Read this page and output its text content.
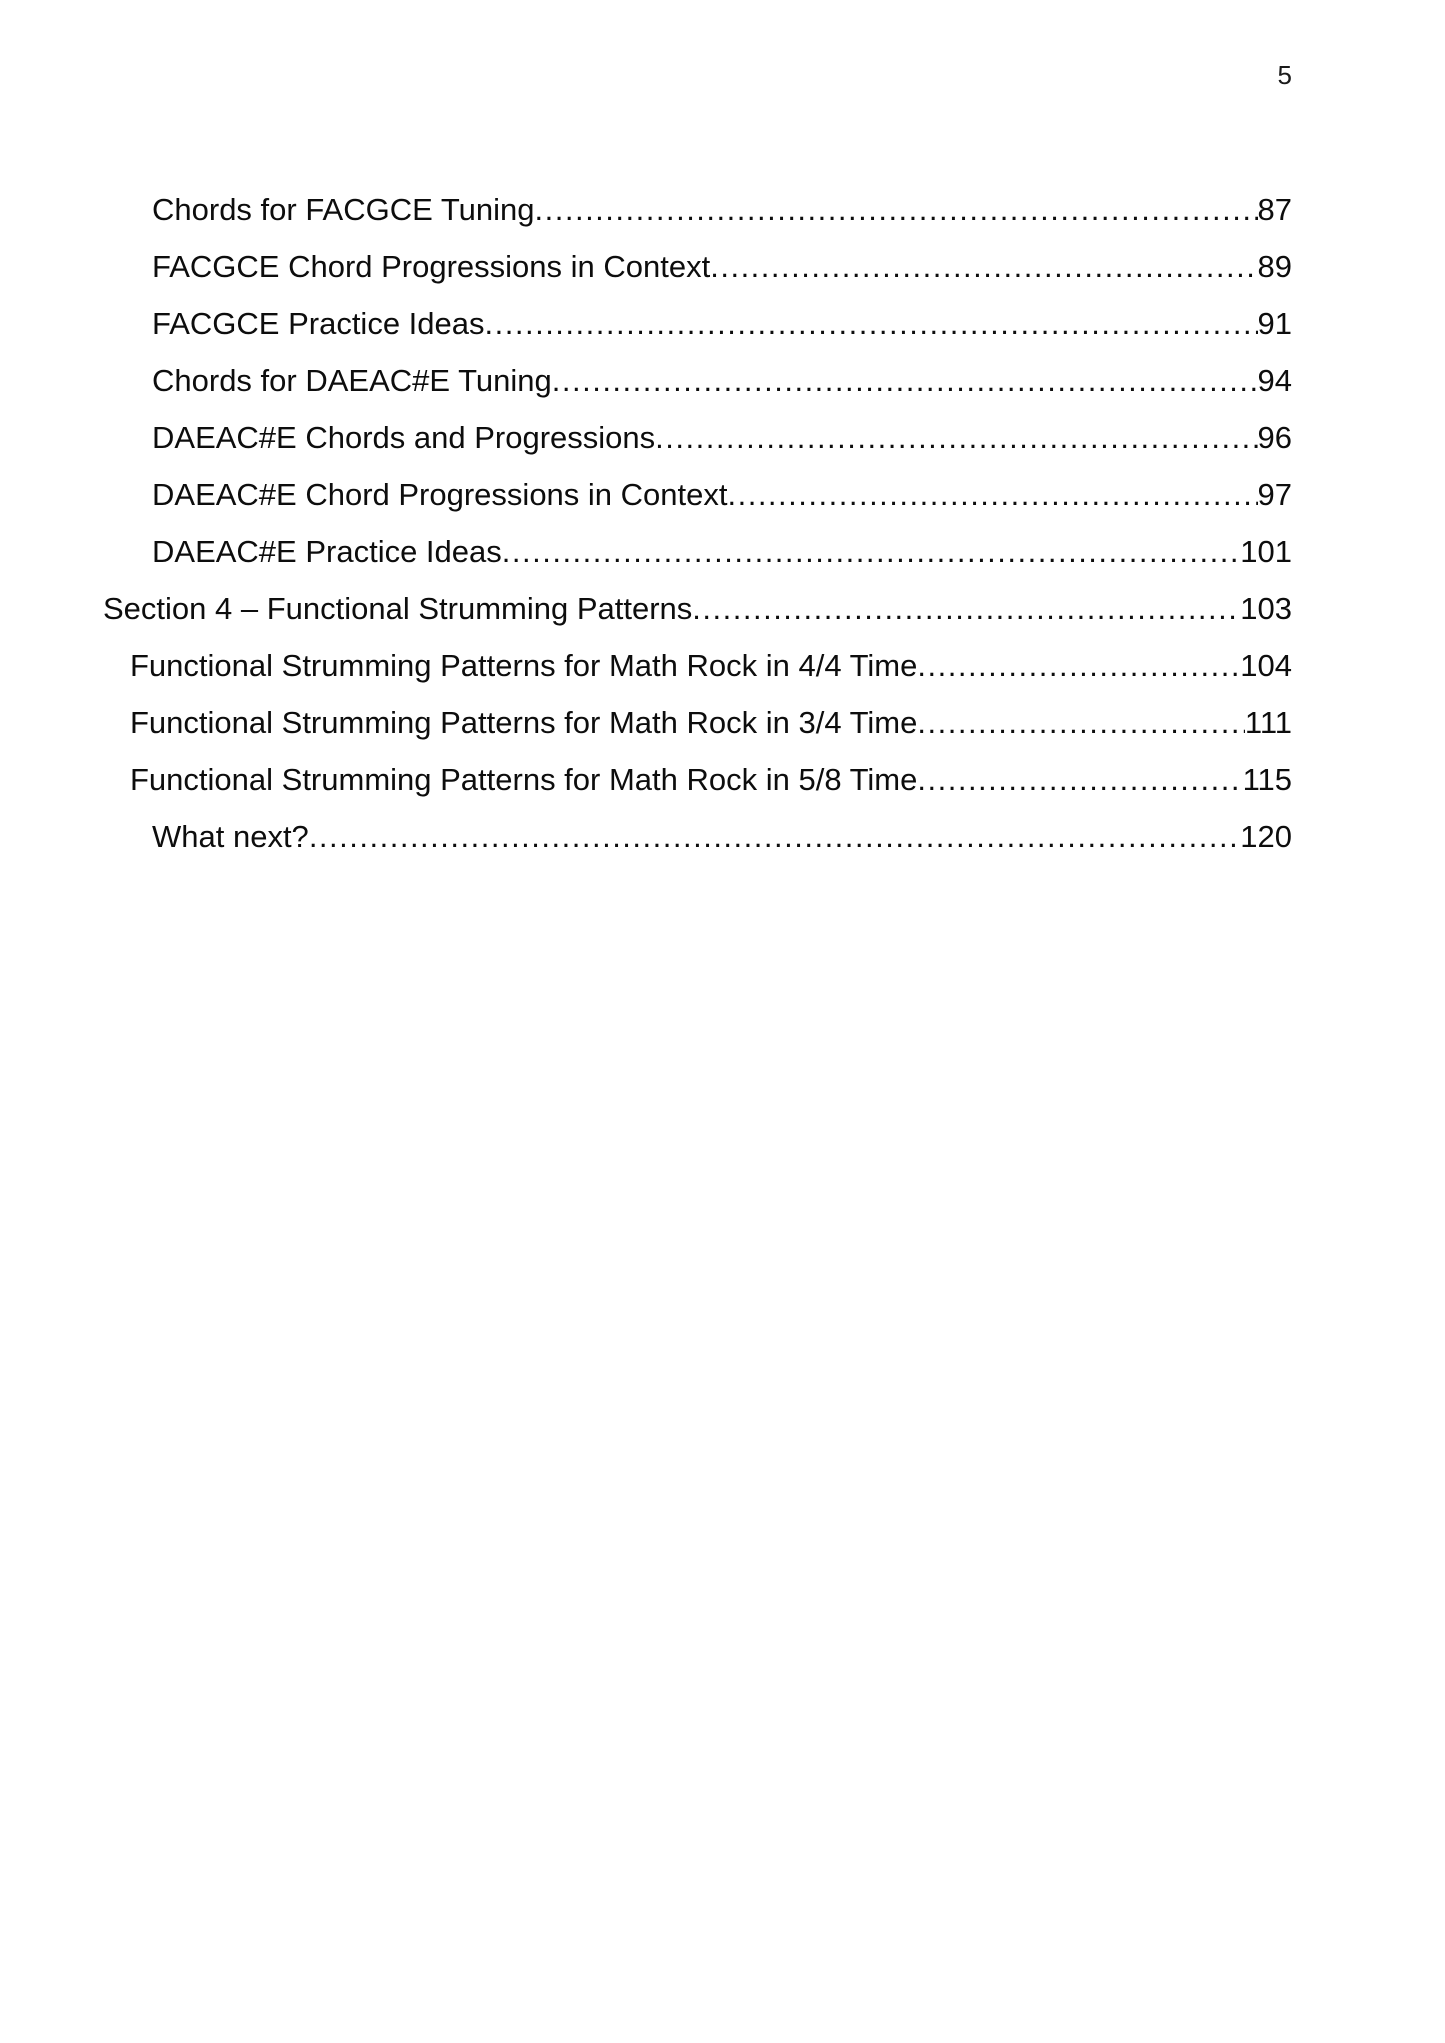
5
Chords for FACGCE Tuning .....	87
FACGCE Chord Progressions in Context .....	89
FACGCE Practice Ideas .....	91
Chords for DAEAC#E Tuning .....	94
DAEAC#E Chords and Progressions .....	96
DAEAC#E Chord Progressions in Context .....	97
DAEAC#E Practice Ideas .....	101
Section 4 – Functional Strumming Patterns .....	103
Functional Strumming Patterns for Math Rock in 4/4 Time .....	104
Functional Strumming Patterns for Math Rock in 3/4 Time .....	111
Functional Strumming Patterns for Math Rock in 5/8 Time .....	115
What next? .....	120
